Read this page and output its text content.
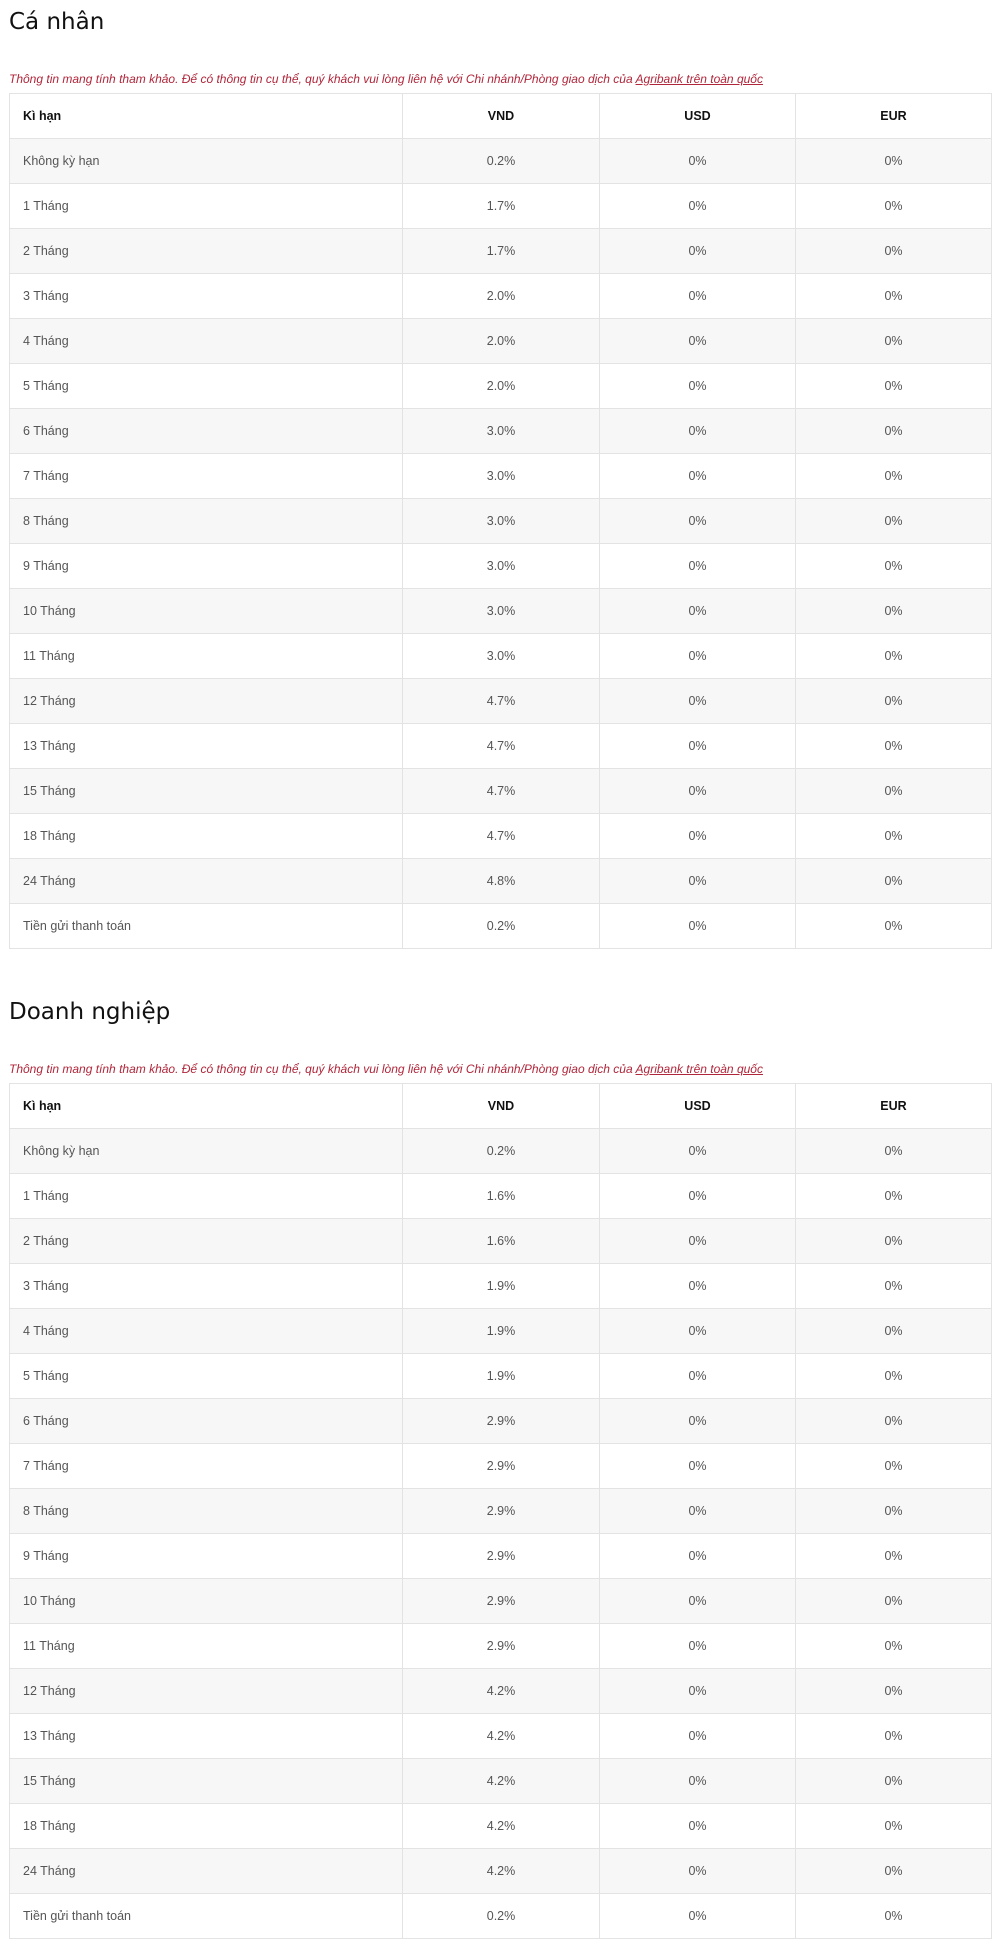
Cá nhân
Thông tin mang tính tham khảo. Để có thông tin cụ thể, quý khách vui lòng liên hệ với Chi nhánh/Phòng giao dịch của Agribank trên toàn quốc
Kì hạn	VND	USD	EUR
Không kỳ hạn	0.2%	0%	0%
1 Tháng	1.7%	0%	0%
2 Tháng	1.7%	0%	0%
3 Tháng	2.0%	0%	0%
4 Tháng	2.0%	0%	0%
5 Tháng	2.0%	0%	0%
6 Tháng	3.0%	0%	0%
7 Tháng	3.0%	0%	0%
8 Tháng	3.0%	0%	0%
9 Tháng	3.0%	0%	0%
10 Tháng	3.0%	0%	0%
11 Tháng	3.0%	0%	0%
12 Tháng	4.7%	0%	0%
13 Tháng	4.7%	0%	0%
15 Tháng	4.7%	0%	0%
18 Tháng	4.7%	0%	0%
24 Tháng	4.8%	0%	0%
Tiền gửi thanh toán	0.2%	0%	0%
Doanh nghiệp
Thông tin mang tính tham khảo. Để có thông tin cụ thể, quý khách vui lòng liên hệ với Chi nhánh/Phòng giao dịch của Agribank trên toàn quốc
Kì hạn	VND	USD	EUR
Không kỳ hạn	0.2%	0%	0%
1 Tháng	1.6%	0%	0%
2 Tháng	1.6%	0%	0%
3 Tháng	1.9%	0%	0%
4 Tháng	1.9%	0%	0%
5 Tháng	1.9%	0%	0%
6 Tháng	2.9%	0%	0%
7 Tháng	2.9%	0%	0%
8 Tháng	2.9%	0%	0%
9 Tháng	2.9%	0%	0%
10 Tháng	2.9%	0%	0%
11 Tháng	2.9%	0%	0%
12 Tháng	4.2%	0%	0%
13 Tháng	4.2%	0%	0%
15 Tháng	4.2%	0%	0%
18 Tháng	4.2%	0%	0%
24 Tháng	4.2%	0%	0%
Tiền gửi thanh toán	0.2%	0%	0%
